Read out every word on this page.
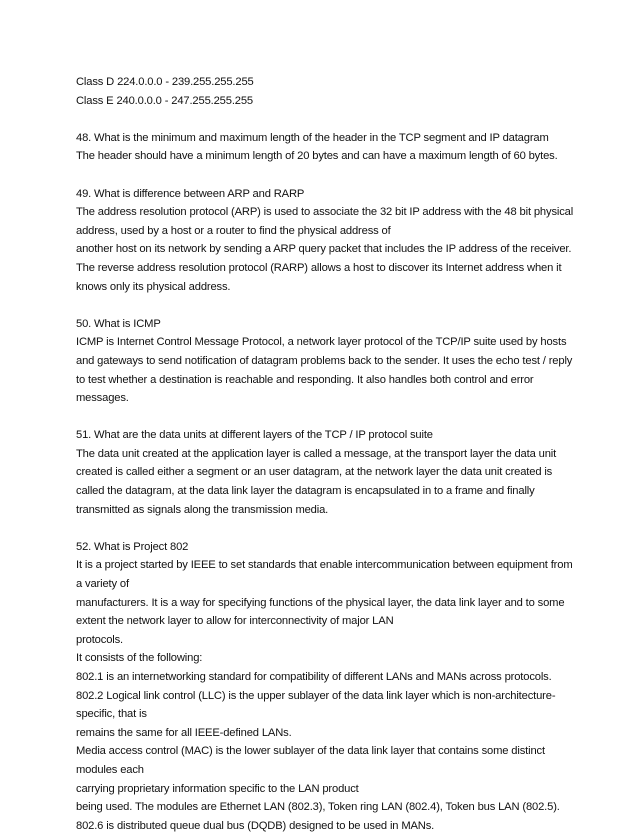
Class D 224.0.0.0 - 239.255.255.255
Class E 240.0.0.0 - 247.255.255.255
48. What is the minimum and maximum length of the header in the TCP segment and IP datagram
The header should have a minimum length of 20 bytes and can have a maximum length of 60 bytes.
49. What is difference between ARP and RARP
The address resolution protocol (ARP) is used to associate the 32 bit IP address with the 48 bit physical
address, used by a host or a router to find the physical address of
another host on its network by sending a ARP query packet that includes the IP address of the receiver.
The reverse address resolution protocol (RARP) allows a host to discover its Internet address when it
knows only its physical address.
50. What is ICMP
ICMP is Internet Control Message Protocol, a network layer protocol of the TCP/IP suite used by hosts
and gateways to send notification of datagram problems back to the sender. It uses the echo test / reply
to test whether a destination is reachable and responding. It also handles both control and error
messages.
51. What are the data units at different layers of the TCP / IP protocol suite
The data unit created at the application layer is called a message, at the transport layer the data unit
created is called either a segment or an user datagram, at the network layer the data unit created is
called the datagram, at the data link layer the datagram is encapsulated in to a frame and finally
transmitted as signals along the transmission media.
52. What is Project 802
It is a project started by IEEE to set standards that enable intercommunication between equipment from
a variety of
manufacturers. It is a way for specifying functions of the physical layer, the data link layer and to some
extent the network layer to allow for interconnectivity of major LAN
protocols.
It consists of the following:
802.1 is an internetworking standard for compatibility of different LANs and MANs across protocols.
802.2 Logical link control (LLC) is the upper sublayer of the data link layer which is non-architecture-
specific, that is
remains the same for all IEEE-defined LANs.
Media access control (MAC) is the lower sublayer of the data link layer that contains some distinct
modules each
carrying proprietary information specific to the LAN product
being used. The modules are Ethernet LAN (802.3), Token ring LAN (802.4), Token bus LAN (802.5).
802.6 is distributed queue dual bus (DQDB) designed to be used in MANs.
